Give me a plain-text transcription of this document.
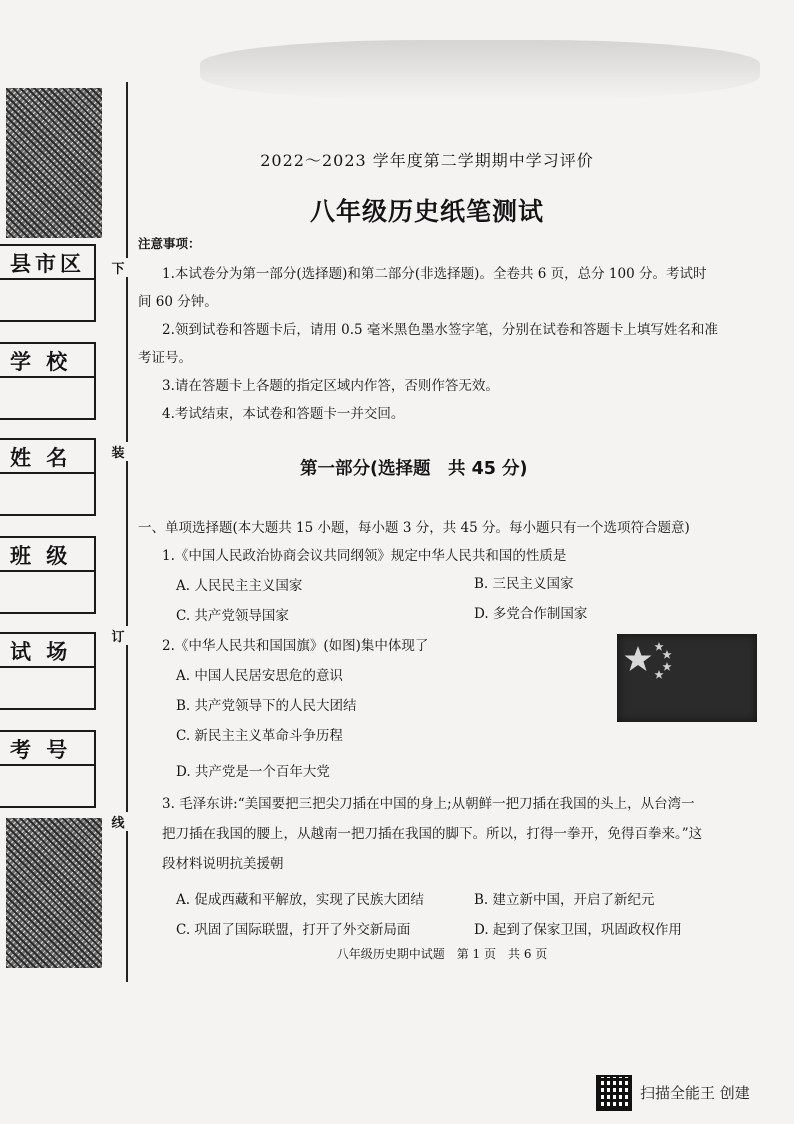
县市区
学 校
姓 名
班 级
试 场
考 号
下
装
订
线
2022～2023 学年度第二学期期中学习评价
八年级历史纸笔测试
注意事项：
1.本试卷分为第一部分(选择题)和第二部分(非选择题)。全卷共 6 页，总分 100 分。考试时
间 60 分钟。
2.领到试卷和答题卡后，请用 0.5 毫米黑色墨水签字笔，分别在试卷和答题卡上填写姓名和准
考证号。
3.请在答题卡上各题的指定区域内作答，否则作答无效。
4.考试结束，本试卷和答题卡一并交回。
第一部分(选择题　共 45 分)
一、单项选择题(本大题共 15 小题，每小题 3 分，共 45 分。每小题只有一个选项符合题意)
1.《中国人民政治协商会议共同纲领》规定中华人民共和国的性质是
A. 人民民主主义国家	B. 三民主义国家
C. 共产党领导国家	D. 多党合作制国家
2.《中华人民共和国国旗》(如图)集中体现了
A. 中国人民居安思危的意识
B. 共产党领导下的人民大团结
C. 新民主主义革命斗争历程
D. 共产党是一个百年大党
3. 毛泽东讲:“美国要把三把尖刀插在中国的身上;从朝鲜一把刀插在我国的头上，从台湾一
把刀插在我国的腰上，从越南一把刀插在我国的脚下。所以，打得一拳开，免得百拳来。”这
段材料说明抗美援朝
A. 促成西藏和平解放，实现了民族大团结	B. 建立新中国，开启了新纪元
C. 巩固了国际联盟，打开了外交新局面	D. 起到了保家卫国，巩固政权作用
八年级历史期中试题　第 1 页　共 6 页
扫描全能王 创建
